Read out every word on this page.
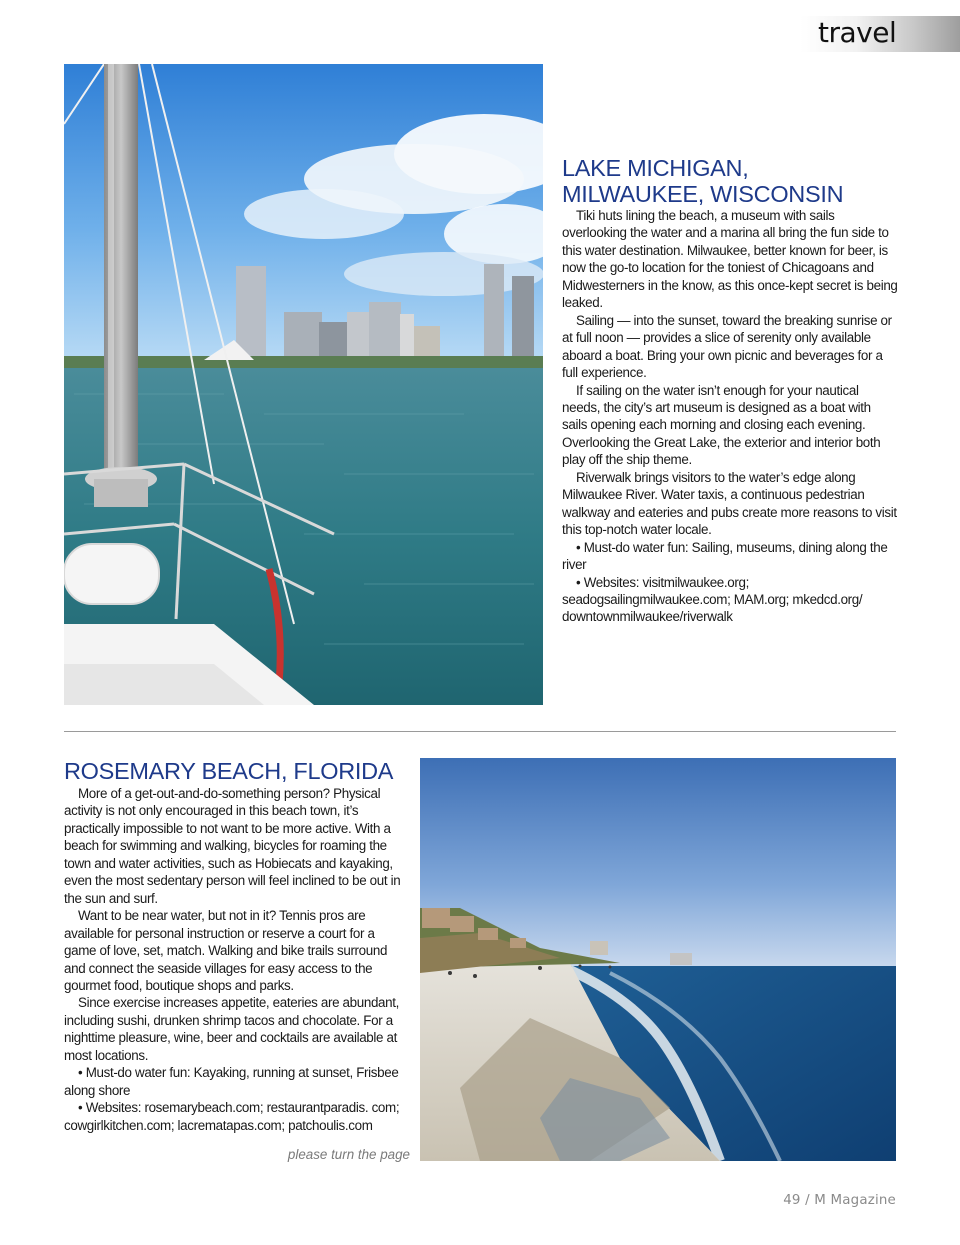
travel
LAKE MICHIGAN,
MILWAUKEE, WISCONSIN

Tiki huts lining the beach, a museum with sails overlooking the water and a marina all bring the fun side to this water destination. Milwaukee, better known for beer, is now the go-to location for the toniest of Chicagoans and Midwesterners in the know, as this once-kept secret is being leaked.

Sailing — into the sunset, toward the breaking sunrise or at full noon — provides a slice of serenity only available aboard a boat. Bring your own picnic and beverages for a full experience.

If sailing on the water isn’t enough for your nautical needs, the city’s art museum is designed as a boat with sails opening each morning and closing each evening. Overlooking the Great Lake, the exterior and interior both play off the ship theme.

Riverwalk brings visitors to the water’s edge along Milwaukee River. Water taxis, a continuous pedestrian walkway and eateries and pubs create more reasons to visit this top-notch water locale.

• Must-do water fun: Sailing, museums, dining along the river

• Websites: visitmilwaukee.org; seadogsailingmilwaukee.com; MAM.org; mkedcd.org/ downtownmilwaukee/riverwalk

ROSEMARY BEACH, FLORIDA

More of a get-out-and-do-something person? Physical activity is not only encouraged in this beach town, it’s practically impossible to not want to be more active. With a beach for swimming and walking, bicycles for roaming the town and water activities, such as Hobiecats and kayaking, even the most sedentary person will feel inclined to be out in the sun and surf.

Want to be near water, but not in it? Tennis pros are available for personal instruction or reserve a court for a game of love, set, match. Walking and bike trails surround and connect the seaside villages for easy access to the gourmet food, boutique shops and parks.

Since exercise increases appetite, eateries are abundant, including sushi, drunken shrimp tacos and chocolate. For a nighttime pleasure, wine, beer and cocktails are available at most locations.

• Must-do water fun: Kayaking, running at sunset, Frisbee along shore

• Websites: rosemarybeach.com; restaurantparadis. com; cowgirlkitchen.com; lacrematapas.com; patchoulis.com

please turn the page
49 / M Magazine
